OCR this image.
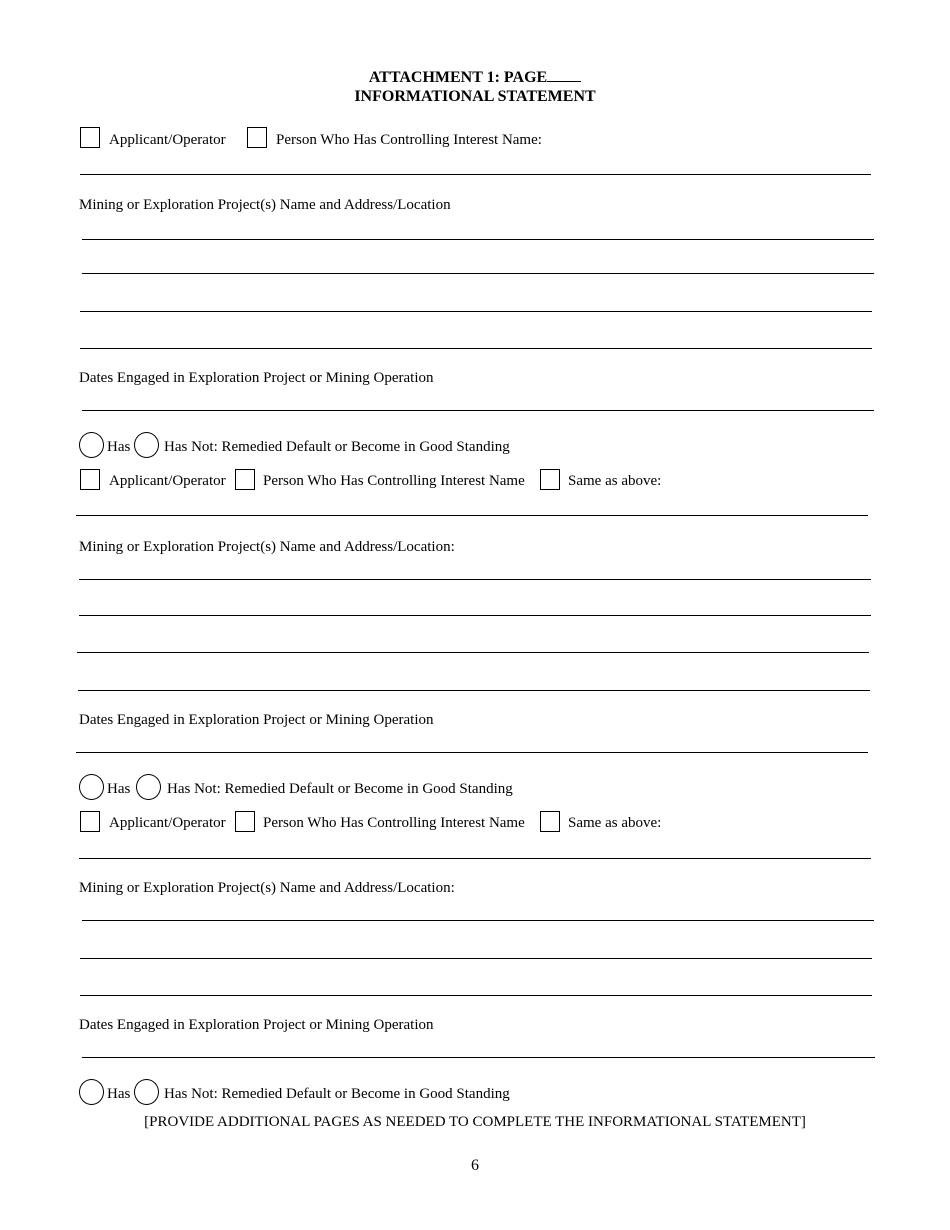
ATTACHMENT 1: PAGE
INFORMATIONAL STATEMENT
Applicant/Operator	Person Who Has Controlling Interest Name:
Mining or Exploration Project(s) Name and Address/Location
Dates Engaged in Exploration Project or Mining Operation
Has Has Not: Remedied Default or Become in Good Standing
Applicant/Operator Person Who Has Controlling Interest Name	Same as above:
Mining or Exploration Project(s) Name and Address/Location:
Dates Engaged in Exploration Project or Mining Operation
Has Has Not: Remedied Default or Become in Good Standing
Applicant/Operator Person Who Has Controlling Interest Name	Same as above:
Mining or Exploration Project(s) Name and Address/Location:
Dates Engaged in Exploration Project or Mining Operation
Has Has Not: Remedied Default or Become in Good Standing
[PROVIDE ADDITIONAL PAGES AS NEEDED TO COMPLETE THE INFORMATIONAL STATEMENT]
6
